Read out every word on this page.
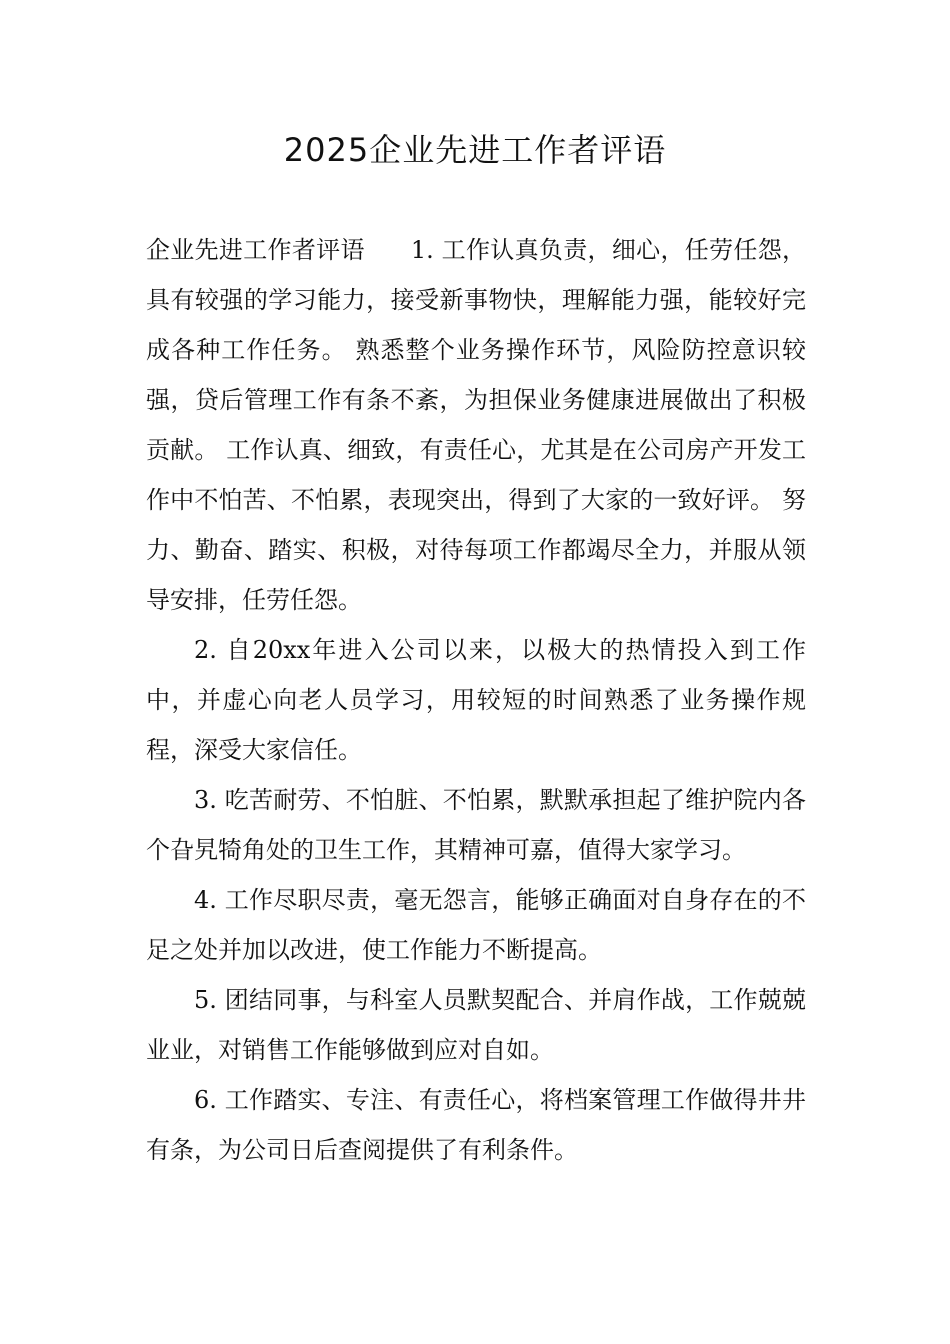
2025企业先进工作者评语

企业先进工作者评语 1. 工作认真负责，细心，任劳任怨，具有较强的学习能力，接受新事物快，理解能力强，能较好完成各种工作任务。 熟悉整个业务操作环节，风险防控意识较强，贷后管理工作有条不紊，为担保业务健康进展做出了积极贡献。 工作认真、细致，有责任心，尤其是在公司房产开发工作中不怕苦、不怕累，表现突出，得到了大家的一致好评。 努力、勤奋、踏实、积极，对待每项工作都竭尽全力，并服从领导安排，任劳任怨。

2. 自20xx年进入公司以来，以极大的热情投入到工作中，并虚心向老人员学习，用较短的时间熟悉了业务操作规程，深受大家信任。

3. 吃苦耐劳、不怕脏、不怕累，默默承担起了维护院内各个旮旯犄角处的卫生工作，其精神可嘉，值得大家学习。

4. 工作尽职尽责，毫无怨言，能够正确面对自身存在的不足之处并加以改进，使工作能力不断提高。

5. 团结同事，与科室人员默契配合、并肩作战，工作兢兢业业，对销售工作能够做到应对自如。

6. 工作踏实、专注、有责任心，将档案管理工作做得井井有条，为公司日后查阅提供了有利条件。
